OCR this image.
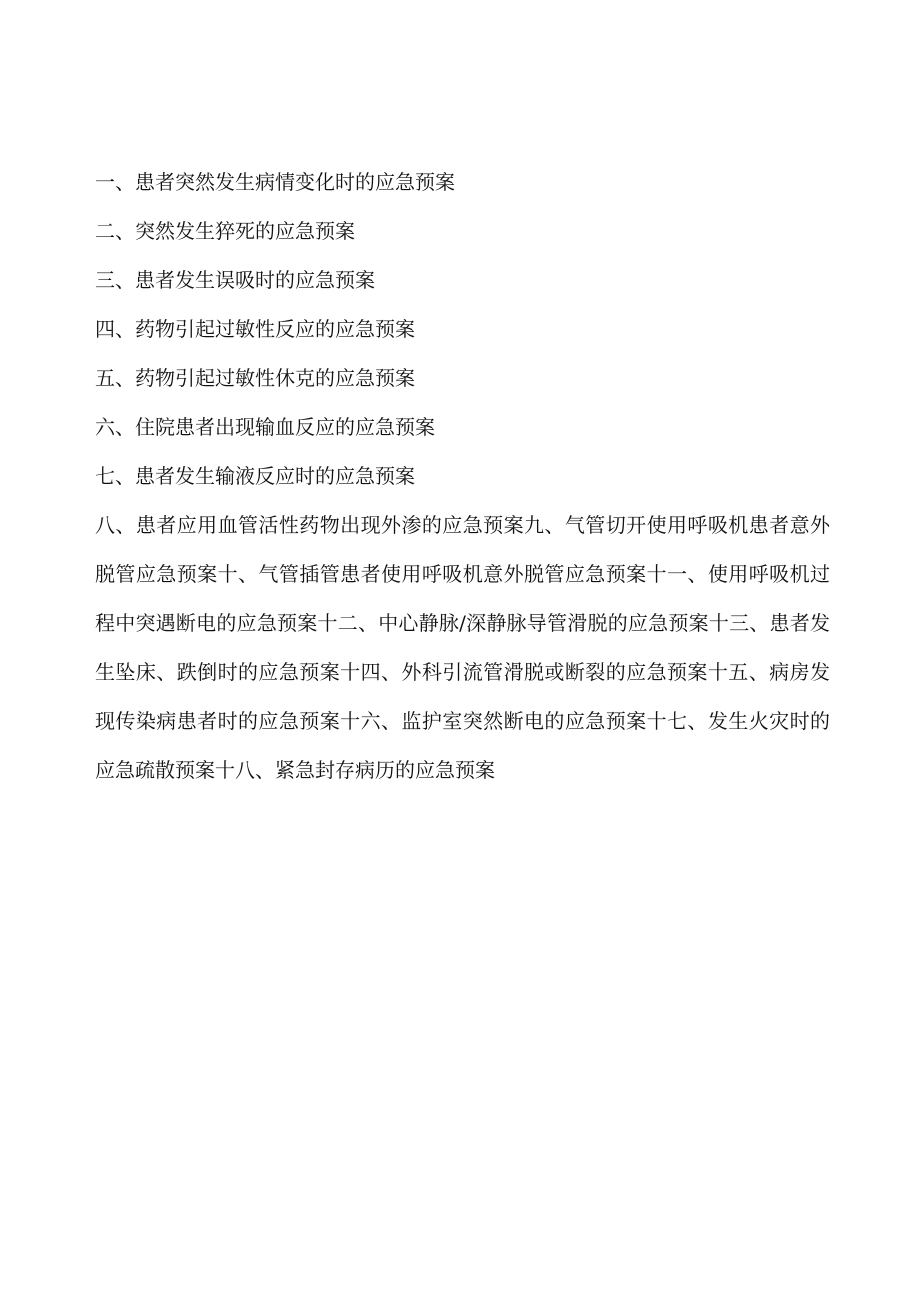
一、患者突然发生病情变化时的应急预案
二、突然发生猝死的应急预案
三、患者发生误吸时的应急预案
四、药物引起过敏性反应的应急预案
五、药物引起过敏性休克的应急预案
六、住院患者出现输血反应的应急预案
七、患者发生输液反应时的应急预案
八、患者应用血管活性药物出现外渗的应急预案九、气管切开使用呼吸机患者意外脱管应急预案十、气管插管患者使用呼吸机意外脱管应急预案十一、使用呼吸机过程中突遇断电的应急预案十二、中心静脉/深静脉导管滑脱的应急预案十三、患者发生坠床、跌倒时的应急预案十四、外科引流管滑脱或断裂的应急预案十五、病房发现传染病患者时的应急预案十六、监护室突然断电的应急预案十七、发生火灾时的应急疏散预案十八、紧急封存病历的应急预案
